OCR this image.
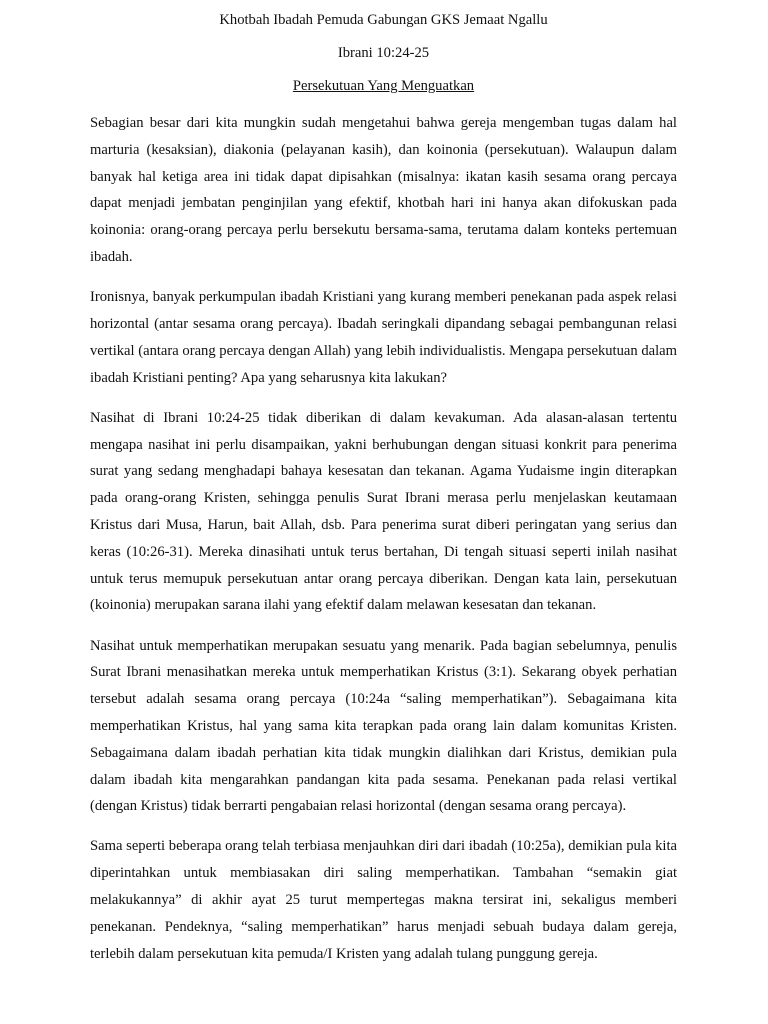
Khotbah Ibadah Pemuda Gabungan GKS Jemaat Ngallu

Ibrani 10:24-25

Persekutuan Yang Menguatkan

Sebagian besar dari kita mungkin sudah mengetahui bahwa gereja mengemban tugas dalam hal marturia (kesaksian), diakonia (pelayanan kasih), dan koinonia (persekutuan). Walaupun dalam banyak hal ketiga area ini tidak dapat dipisahkan (misalnya: ikatan kasih sesama orang percaya dapat menjadi jembatan penginjilan yang efektif, khotbah hari ini hanya akan difokuskan pada koinonia: orang-orang percaya perlu bersekutu bersama-sama, terutama dalam konteks pertemuan ibadah.

Ironisnya, banyak perkumpulan ibadah Kristiani yang kurang memberi penekanan pada aspek relasi horizontal (antar sesama orang percaya). Ibadah seringkali dipandang sebagai pembangunan relasi vertikal (antara orang percaya dengan Allah) yang lebih individualistis. Mengapa persekutuan dalam ibadah Kristiani penting? Apa yang seharusnya kita lakukan?

Nasihat di Ibrani 10:24-25 tidak diberikan di dalam kevakuman. Ada alasan-alasan tertentu mengapa nasihat ini perlu disampaikan, yakni berhubungan dengan situasi konkrit para penerima surat yang sedang menghadapi bahaya kesesatan dan tekanan. Agama Yudaisme ingin diterapkan pada orang-orang Kristen, sehingga penulis Surat Ibrani merasa perlu menjelaskan keutamaan Kristus dari Musa, Harun, bait Allah, dsb. Para penerima surat diberi peringatan yang serius dan keras (10:26-31). Mereka dinasihati untuk terus bertahan, Di tengah situasi seperti inilah nasihat untuk terus memupuk persekutuan antar orang percaya diberikan. Dengan kata lain, persekutuan (koinonia) merupakan sarana ilahi yang efektif dalam melawan kesesatan dan tekanan.

Nasihat untuk memperhatikan merupakan sesuatu yang menarik. Pada bagian sebelumnya, penulis Surat Ibrani menasihatkan mereka untuk memperhatikan Kristus (3:1). Sekarang obyek perhatian tersebut adalah sesama orang percaya (10:24a “saling memperhatikan”). Sebagaimana kita memperhatikan Kristus, hal yang sama kita terapkan pada orang lain dalam komunitas Kristen. Sebagaimana dalam ibadah perhatian kita tidak mungkin dialihkan dari Kristus, demikian pula dalam ibadah kita mengarahkan pandangan kita pada sesama. Penekanan pada relasi vertikal (dengan Kristus) tidak berrarti pengabaian relasi horizontal (dengan sesama orang percaya).

Sama seperti beberapa orang telah terbiasa menjauhkan diri dari ibadah (10:25a), demikian pula kita diperintahkan untuk membiasakan diri saling memperhatikan. Tambahan “semakin giat melakukannya” di akhir ayat 25 turut mempertegas makna tersirat ini, sekaligus memberi penekanan. Pendeknya, “saling memperhatikan” harus menjadi sebuah budaya dalam gereja, terlebih dalam persekutuan kita pemuda/I Kristen yang adalah tulang punggung gereja.
